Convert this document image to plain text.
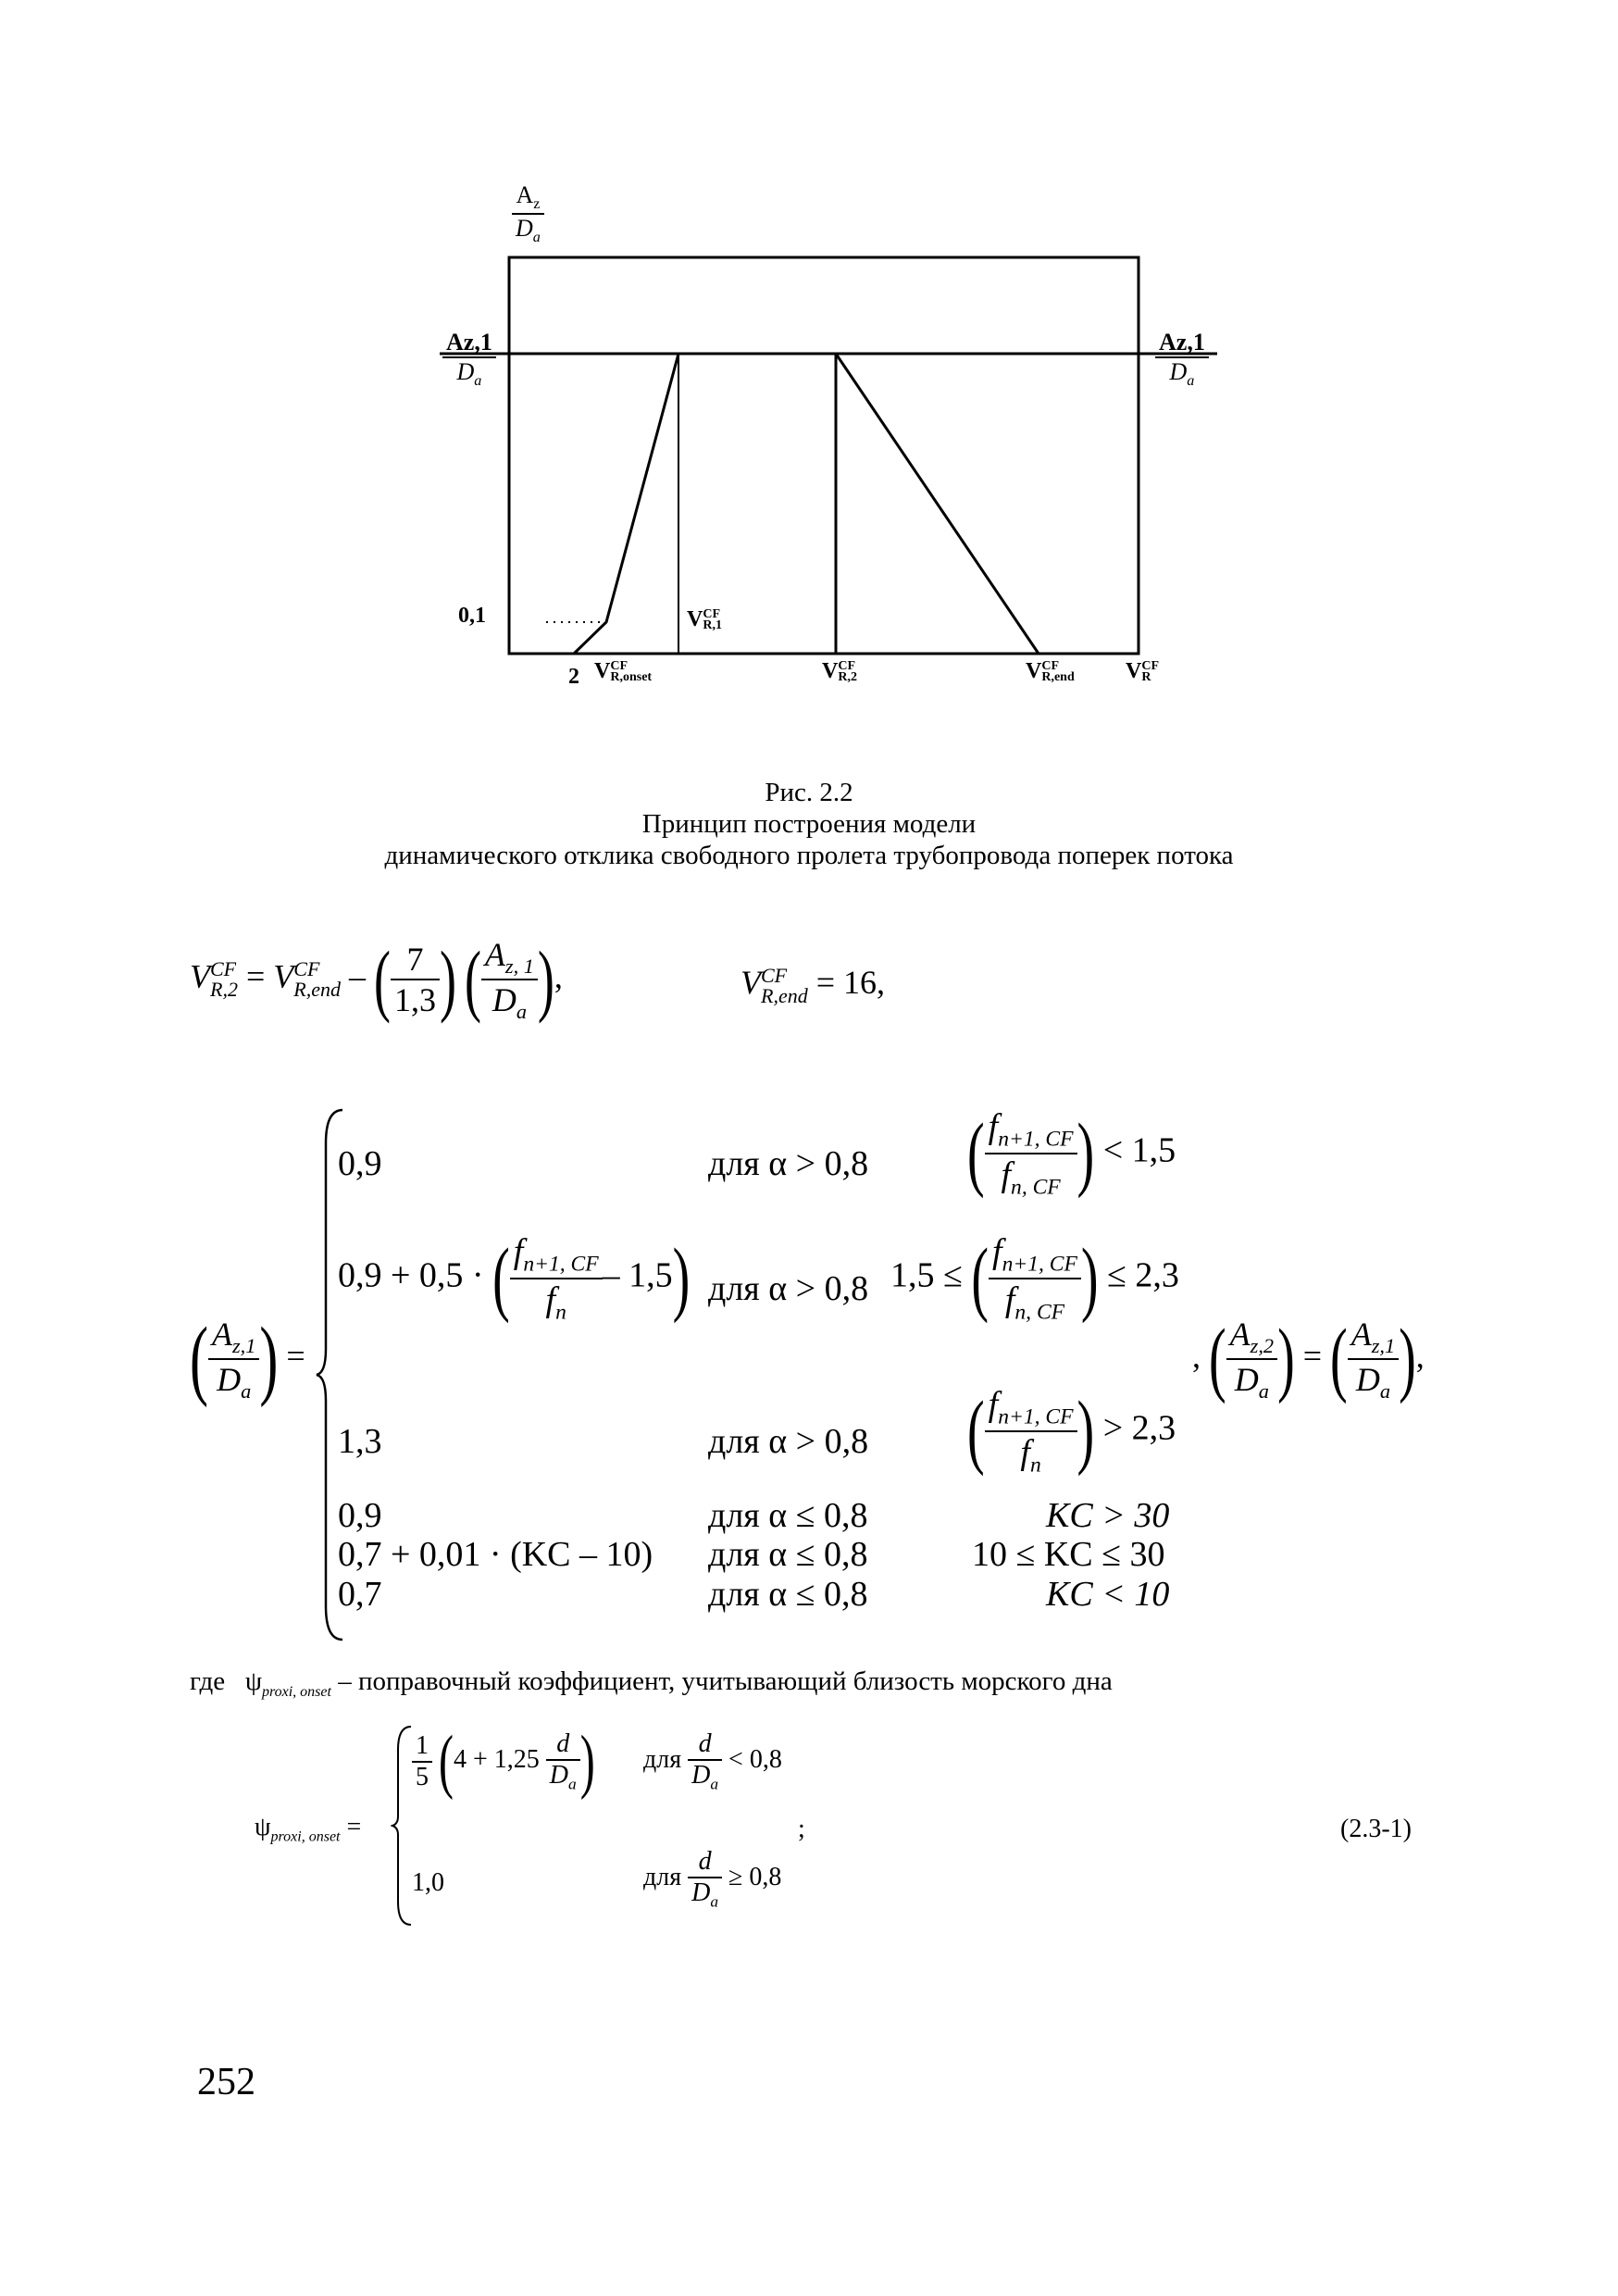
$\frac{A_z}{D_a}$
$\frac{Az,1}{D_a}$	$\frac{Az,1}{D_a}$
0,1
2 V CF
R,onset
V CF
R,1
V CF
R,2	V CF
R,end V CF
R
Рис. 2.2
Принцип построения модели
динамического отклика свободного пролета трубопровода поперек потока
V CF
R,2 = V CF
R,end – ( $\frac{7}{1,3}$ ) ( $\frac{A_{z, 1}}{D_a}$ ),	V CF
R,end = 16,
( $\frac{A_{z,1}}{D_a}$ ) =
0,9	для α > 0,8 ( $\frac{f_{n+1, CF}}{f_{n, CF}}$ ) < 1,5
0,9 + 0,5 · ( $\frac{f_{n+1, CF}}{f_n} - 1,5$) для α > 0,8 1,5 ≤ ( $\frac{f_{n+1, CF}}{f_{n, CF}}$ ) ≤ 2,3
1,3	для α > 0,8 ( $\frac{f_{n+1, CF}}{f_n}$ ) > 2,3
0,9	для α ≤ 0,8	KC > 30
0,7 + 0,01 · (KC – 10) для α ≤ 0,8	10 ≤ KC ≤ 30
0,7	для α ≤ 0,8	KC < 10
, ( $\frac{A_{z,2}}{D_a}$ ) = ( $\frac{A_{z,1}}{D_a}$ ),
где $\psi_{proxi, onset}$ – поправочный коэффициент, учитывающий близость морского дна
$\psi_{proxi, onset}$ =
$\frac{1}{5} (4 + 1,25 \frac{d}{D_a}$ ) для $\frac{d}{D_a} < 0,8$
;	(2.3-1)
1,0	для $\frac{d}{D_a} \ge 0,8$
252
